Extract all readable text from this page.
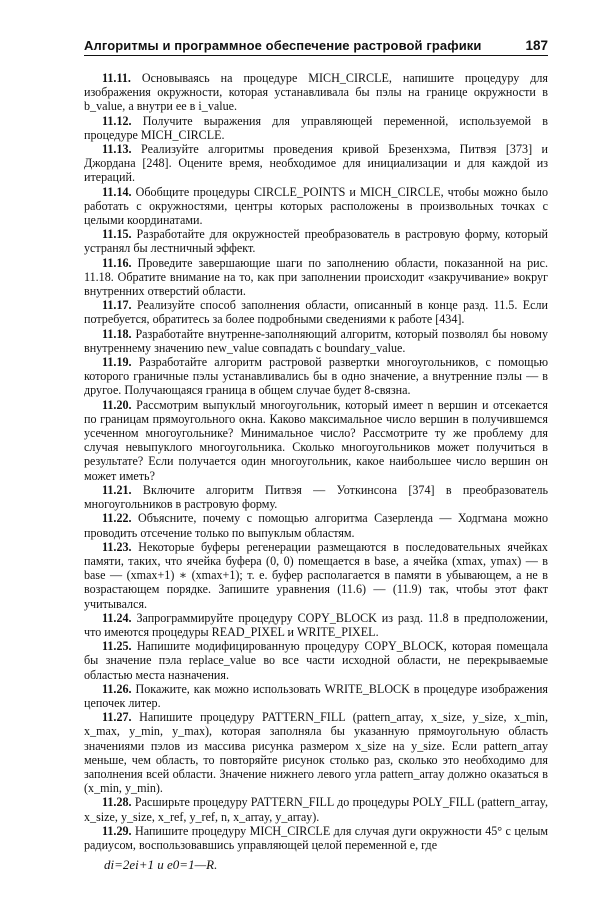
Алгоритмы и программное обеспечение растровой графики	187

11.11. Основываясь на процедуре MICH_CIRCLE, напишите процедуру для изображения окружности, которая устанавливала бы пэлы на границе окружности в b_value, а внутри ее в i_value.

11.12. Получите выражения для управляющей переменной, используемой в процедуре MICH_CIRCLE.

11.13. Реализуйте алгоритмы проведения кривой Брезенхэма, Питвэя [373] и Джордана [248]. Оцените время, необходимое для инициализации и для каждой из итераций.

11.14. Обобщите процедуры CIRCLE_POINTS и MICH_CIRCLE, чтобы можно было работать с окружностями, центры которых расположены в произвольных точках с целыми координатами.

11.15. Разработайте для окружностей преобразователь в растровую форму, который устранял бы лестничный эффект.

11.16. Проведите завершающие шаги по заполнению области, показанной на рис. 11.18. Обратите внимание на то, как при заполнении происходит «закручивание» вокруг внутренних отверстий области.

11.17. Реализуйте способ заполнения области, описанный в конце разд. 11.5. Если потребуется, обратитесь за более подробными сведениями к работе [434].

11.18. Разработайте внутренне-заполняющий алгоритм, который позволял бы новому внутреннему значению new_value совпадать с boundary_value.

11.19. Разработайте алгоритм растровой развертки многоугольников, с помощью которого граничные пэлы устанавливались бы в одно значение, а внутренние пэлы — в другое. Получающаяся граница в общем случае будет 8-связна.

11.20. Рассмотрим выпуклый многоугольник, который имеет n вершин и отсекается по границам прямоугольного окна. Каково максимальное число вершин в получившемся усеченном многоугольнике? Минимальное число? Рассмотрите ту же проблему для случая невыпуклого многоугольника. Сколько многоугольников может получиться в результате? Если получается один многоугольник, какое наибольшее число вершин он может иметь?

11.21. Включите алгоритм Питвэя — Уоткинсона [374] в преобразователь многоугольников в растровую форму.

11.22. Объясните, почему с помощью алгоритма Сазерленда — Ходгмана можно проводить отсечение только по выпуклым областям.

11.23. Некоторые буферы регенерации размещаются в последовательных ячейках памяти, таких, что ячейка буфера (0, 0) помещается в base, а ячейка (xmax, ymax) — в base — (xmax+1) ∗ (xmax+1); т. е. буфер располагается в памяти в убывающем, а не в возрастающем порядке. Запишите уравнения (11.6) — (11.9) так, чтобы этот факт учитывался.

11.24. Запрограммируйте процедуру COPY_BLOCK из разд. 11.8 в предположении, что имеются процедуры READ_PIXEL и WRITE_PIXEL.

11.25. Напишите модифицированную процедуру COPY_BLOCK, которая помещала бы значение пэла replace_value во все части исходной области, не перекрываемые областью места назначения.

11.26. Покажите, как можно использовать WRITE_BLOCK в процедуре изображения цепочек литер.

11.27. Напишите процедуру PATTERN_FILL (pattern_array, x_size, y_size, x_min, x_max, y_min, y_max), которая заполняла бы указанную прямоугольную область значениями пэлов из массива рисунка размером x_size на y_size. Если pattern_array меньше, чем область, то повторяйте рисунок столько раз, сколько это необходимо для заполнения всей области. Значение нижнего левого угла pattern_array должно оказаться в (x_min, y_min).

11.28. Расширьте процедуру PATTERN_FILL до процедуры POLY_FILL (pattern_array, x_size, y_size, x_ref, y_ref, n, x_array, y_array).

11.29. Напишите процедуру MICH_CIRCLE для случая дуги окружности 45° с целым радиусом, воспользовавшись управляющей целой переменной e, где

di=2ei+1 и e0=1—R.
